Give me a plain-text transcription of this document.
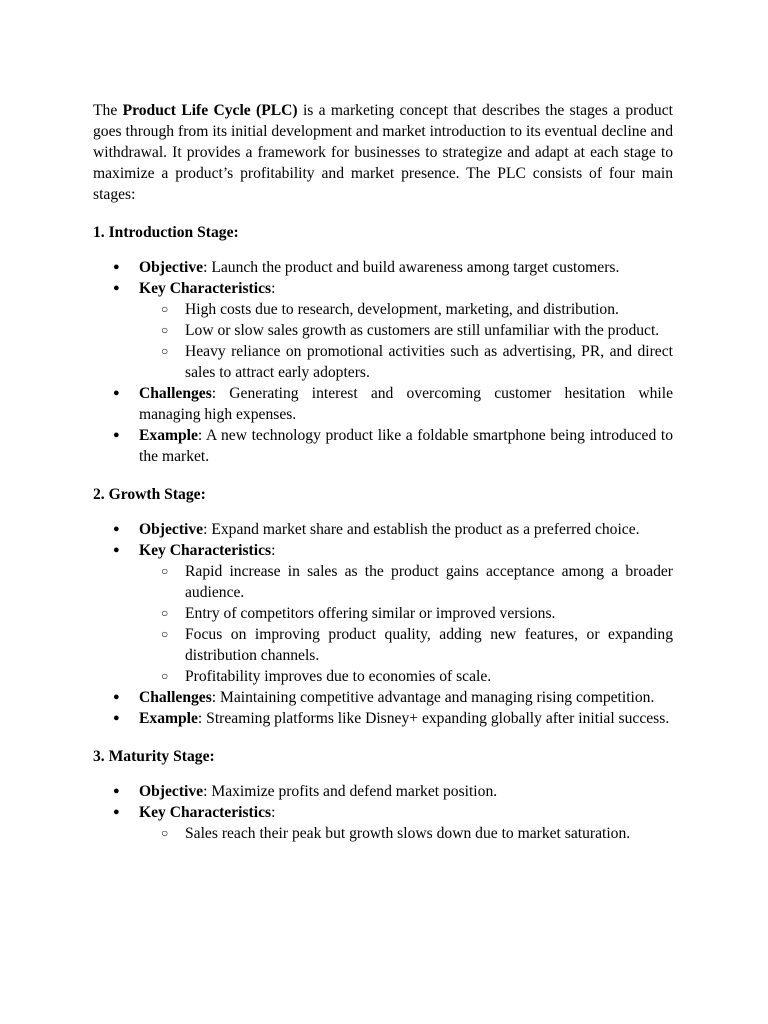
The Product Life Cycle (PLC) is a marketing concept that describes the stages a product goes through from its initial development and market introduction to its eventual decline and withdrawal. It provides a framework for businesses to strategize and adapt at each stage to maximize a product’s profitability and market presence. The PLC consists of four main stages:

1. Introduction Stage:

● Objective: Launch the product and build awareness among target customers.
● Key Characteristics:
○ High costs due to research, development, marketing, and distribution.
○ Low or slow sales growth as customers are still unfamiliar with the product.
○ Heavy reliance on promotional activities such as advertising, PR, and direct sales to attract early adopters.
● Challenges: Generating interest and overcoming customer hesitation while managing high expenses.
● Example: A new technology product like a foldable smartphone being introduced to the market.

2. Growth Stage:

● Objective: Expand market share and establish the product as a preferred choice.
● Key Characteristics:
○ Rapid increase in sales as the product gains acceptance among a broader audience.
○ Entry of competitors offering similar or improved versions.
○ Focus on improving product quality, adding new features, or expanding distribution channels.
○ Profitability improves due to economies of scale.
● Challenges: Maintaining competitive advantage and managing rising competition.
● Example: Streaming platforms like Disney+ expanding globally after initial success.

3. Maturity Stage:

● Objective: Maximize profits and defend market position.
● Key Characteristics:
○ Sales reach their peak but growth slows down due to market saturation.
